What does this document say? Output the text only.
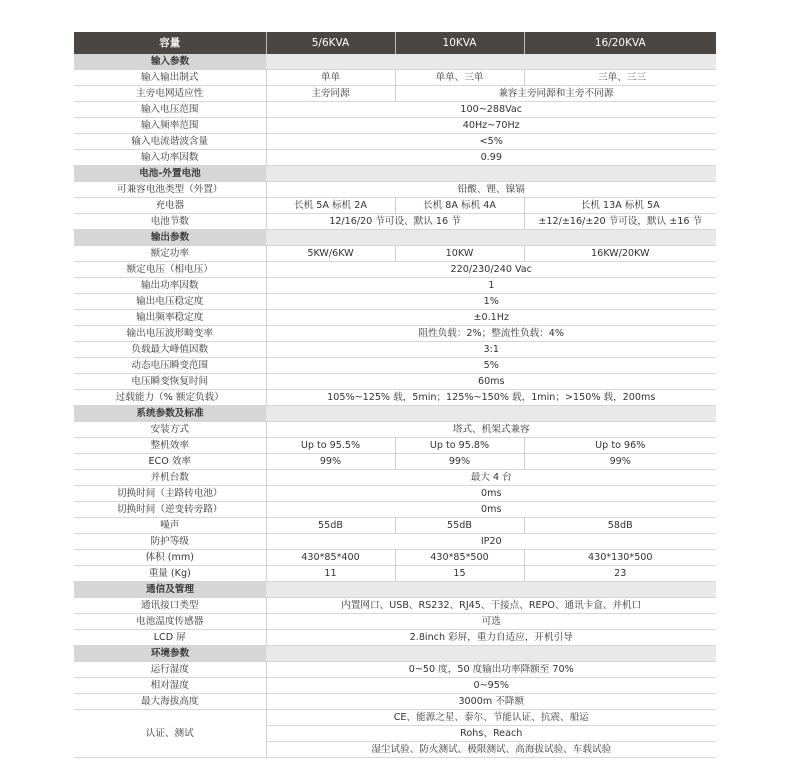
容量	5/6KVA	10KVA	16/20KVA
输入参数			
输入输出制式	单单	单单、三单	三单、三三
主旁电网适应性	主旁同源	兼容主旁同源和主旁不同源	
输入电压范围	100~288Vac		
输入频率范围	40Hz~70Hz		
输入电流谐波含量	<5%		
输入功率因数	0.99		
电池-外置电池			
可兼容电池类型（外置）	铅酸、锂、镍镉		
充电器	长机 5A 标机 2A	长机 8A 标机 4A	长机 13A 标机 5A
电池节数	12/16/20 节可设、默认 16 节		±12/±16/±20 节可设，默认 ±16 节
输出参数			
额定功率	5KW/6KW	10KW	16KW/20KW
额定电压（相电压）	220/230/240 Vac		
输出功率因数	1		
输出电压稳定度	1%		
输出频率稳定度	±0.1Hz		
输出电压波形畸变率	阻性负载：2%；整流性负载：4%		
负载最大峰值因数	3:1		
动态电压瞬变范围	5%		
电压瞬变恢复时间	60ms		
过载能力（% 额定负载）	105%~125% 载，5min；125%~150% 载，1min；>150% 载，200ms		
系统参数及标准			
安装方式	塔式、机架式兼容		
整机效率	Up to 95.5%	Up to 95.8%	Up to 96%
ECO 效率	99%	99%	99%
并机台数	最大 4 台		
切换时间（主路转电池）	0ms		
切换时间（逆变转旁路）	0ms		
噪声	55dB	55dB	58dB
防护等级	IP20		
体积 (mm)	430*85*400	430*85*500	430*130*500
重量 (Kg)	11	15	23
通信及管理			
通讯接口类型	内置网口、USB、RS232、RJ45、干接点、REPO、通讯卡盒、并机口		
电池温度传感器	可选		
LCD 屏	2.8inch 彩屏，重力自适应，开机引导		
环境参数			
运行湿度	0~50 度，50 度输出功率降额至 70%		
相对湿度	0~95%		
最大海拔高度	3000m 不降额		
认证、测试	CE、能源之星、泰尔、节能认证、抗震、船运		
	Rohs、Reach		
	湿尘试验、防火测试、极限测试、高海拔试验、车载试验		
